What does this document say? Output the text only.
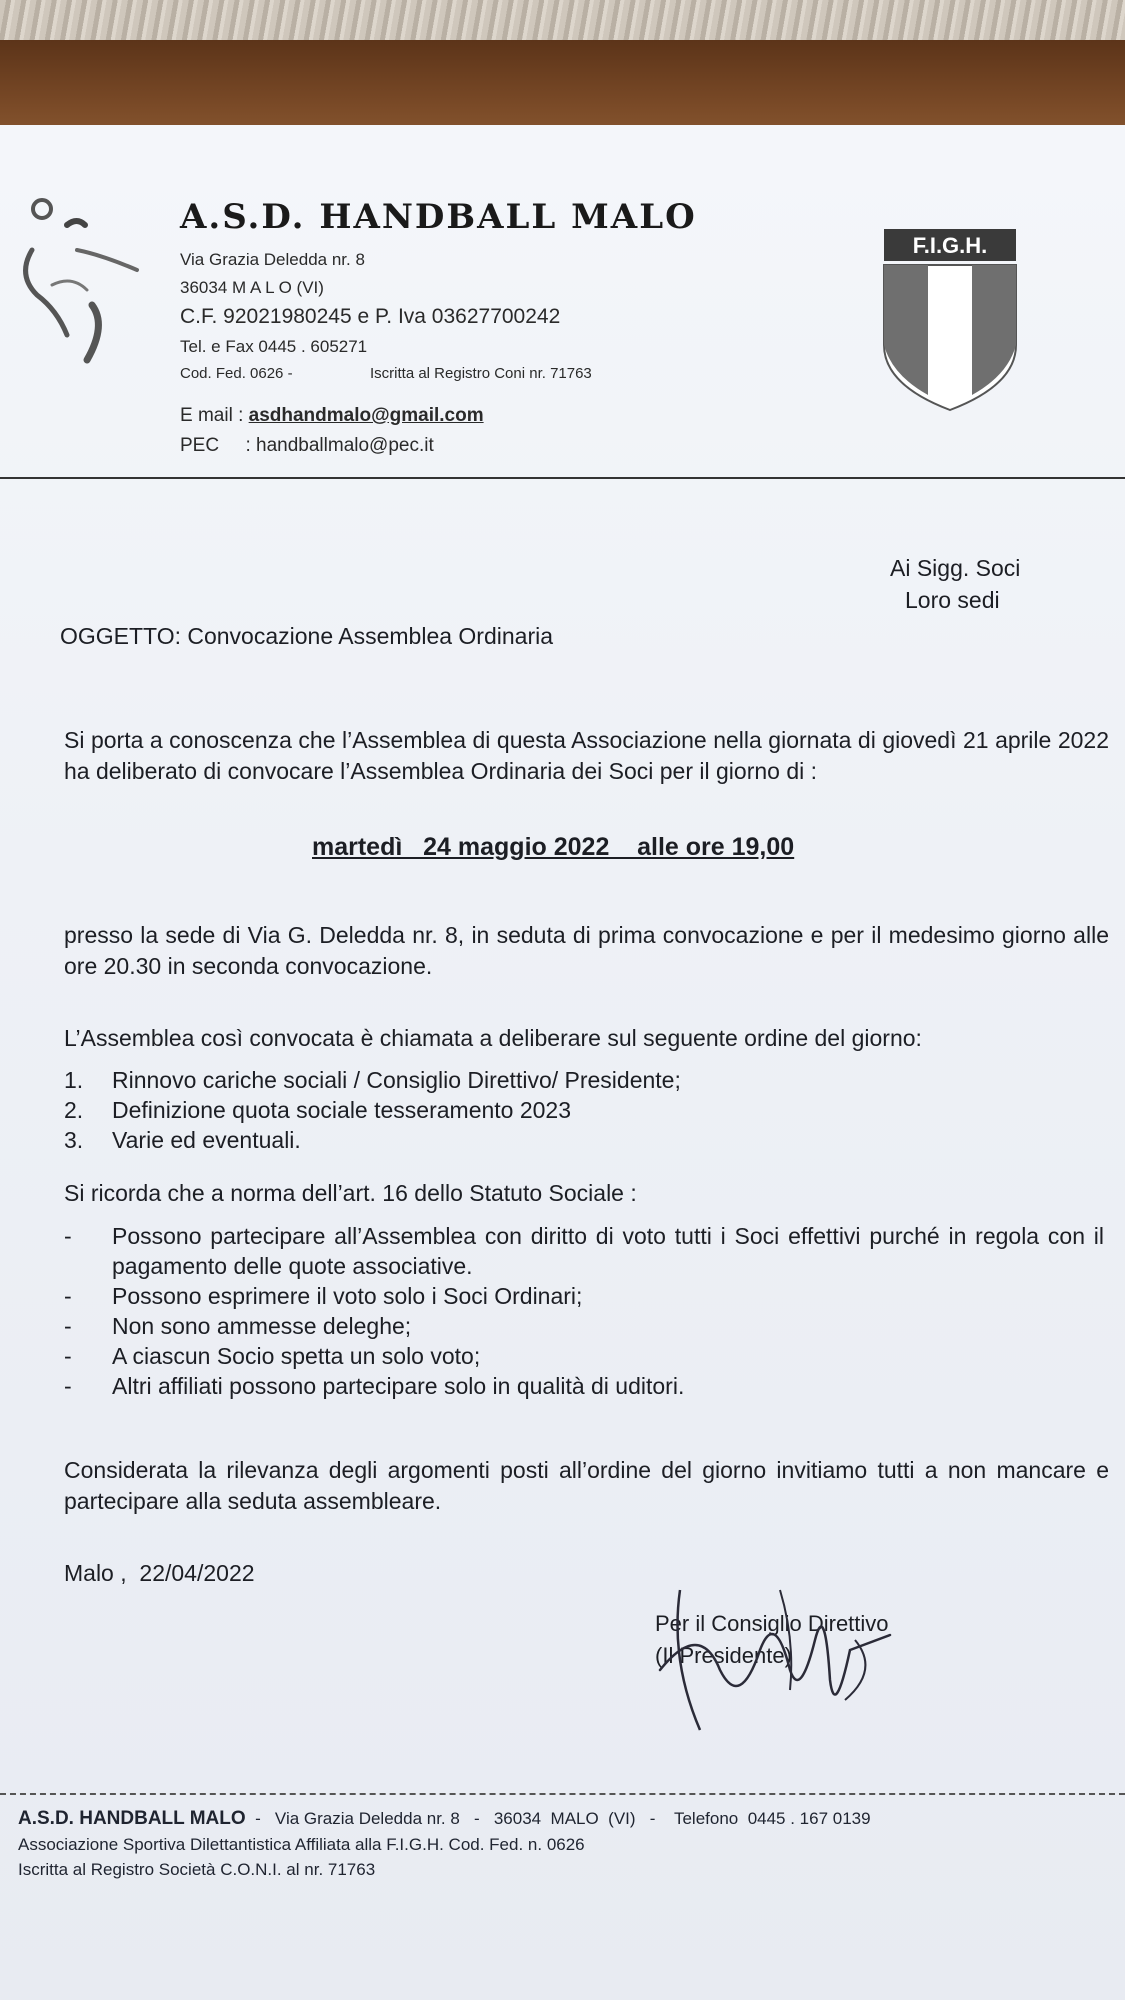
A.S.D. HANDBALL MALO
Via Grazia Deledda nr. 8
36034 M A L O (VI)
C.F. 92021980245 e P. Iva 03627700242
Tel. e Fax 0445 . 605271
Cod. Fed. 0626 -	Iscritta al Registro Coni nr. 71763
E mail : asdhandmalo@gmail.com
PEC     : handballmalo@pec.it
F.I.G.H.
Ai Sigg. Soci
Loro sedi
OGGETTO: Convocazione Assemblea Ordinaria
Si porta a conoscenza che l’Assemblea di questa Associazione nella giornata di giovedì 21 aprile 2022 ha deliberato di convocare l’Assemblea Ordinaria dei Soci per il giorno di :
martedì   24 maggio 2022    alle ore 19,00
presso la sede di Via G. Deledda nr. 8, in seduta di prima convocazione e per il medesimo giorno alle ore 20.30 in seconda convocazione.
L’Assemblea così convocata è chiamata a deliberare sul seguente ordine del giorno:
1. Rinnovo cariche sociali / Consiglio Direttivo/ Presidente;
2. Definizione quota sociale tesseramento 2023
3. Varie ed eventuali.
Si ricorda che a norma dell’art. 16 dello Statuto Sociale :
- Possono partecipare all’Assemblea con diritto di voto tutti i Soci effettivi purché in regola con il pagamento delle quote associative.
- Possono esprimere il voto solo i Soci Ordinari;
- Non sono ammesse deleghe;
- A ciascun Socio spetta un solo voto;
- Altri affiliati possono partecipare solo in qualità di uditori.
Considerata la rilevanza degli argomenti posti all’ordine del giorno invitiamo tutti a non mancare e partecipare alla seduta assembleare.
Malo ,  22/04/2022
Per il Consiglio Direttivo
(Il Presidente)
A.S.D. HANDBALL MALO  -   Via Grazia Deledda nr. 8   -   36034  MALO  (VI)   -    Telefono  0445 . 167 0139
Associazione Sportiva Dilettantistica Affiliata alla F.I.G.H. Cod. Fed. n. 0626
Iscritta al Registro Società C.O.N.I. al nr. 71763
